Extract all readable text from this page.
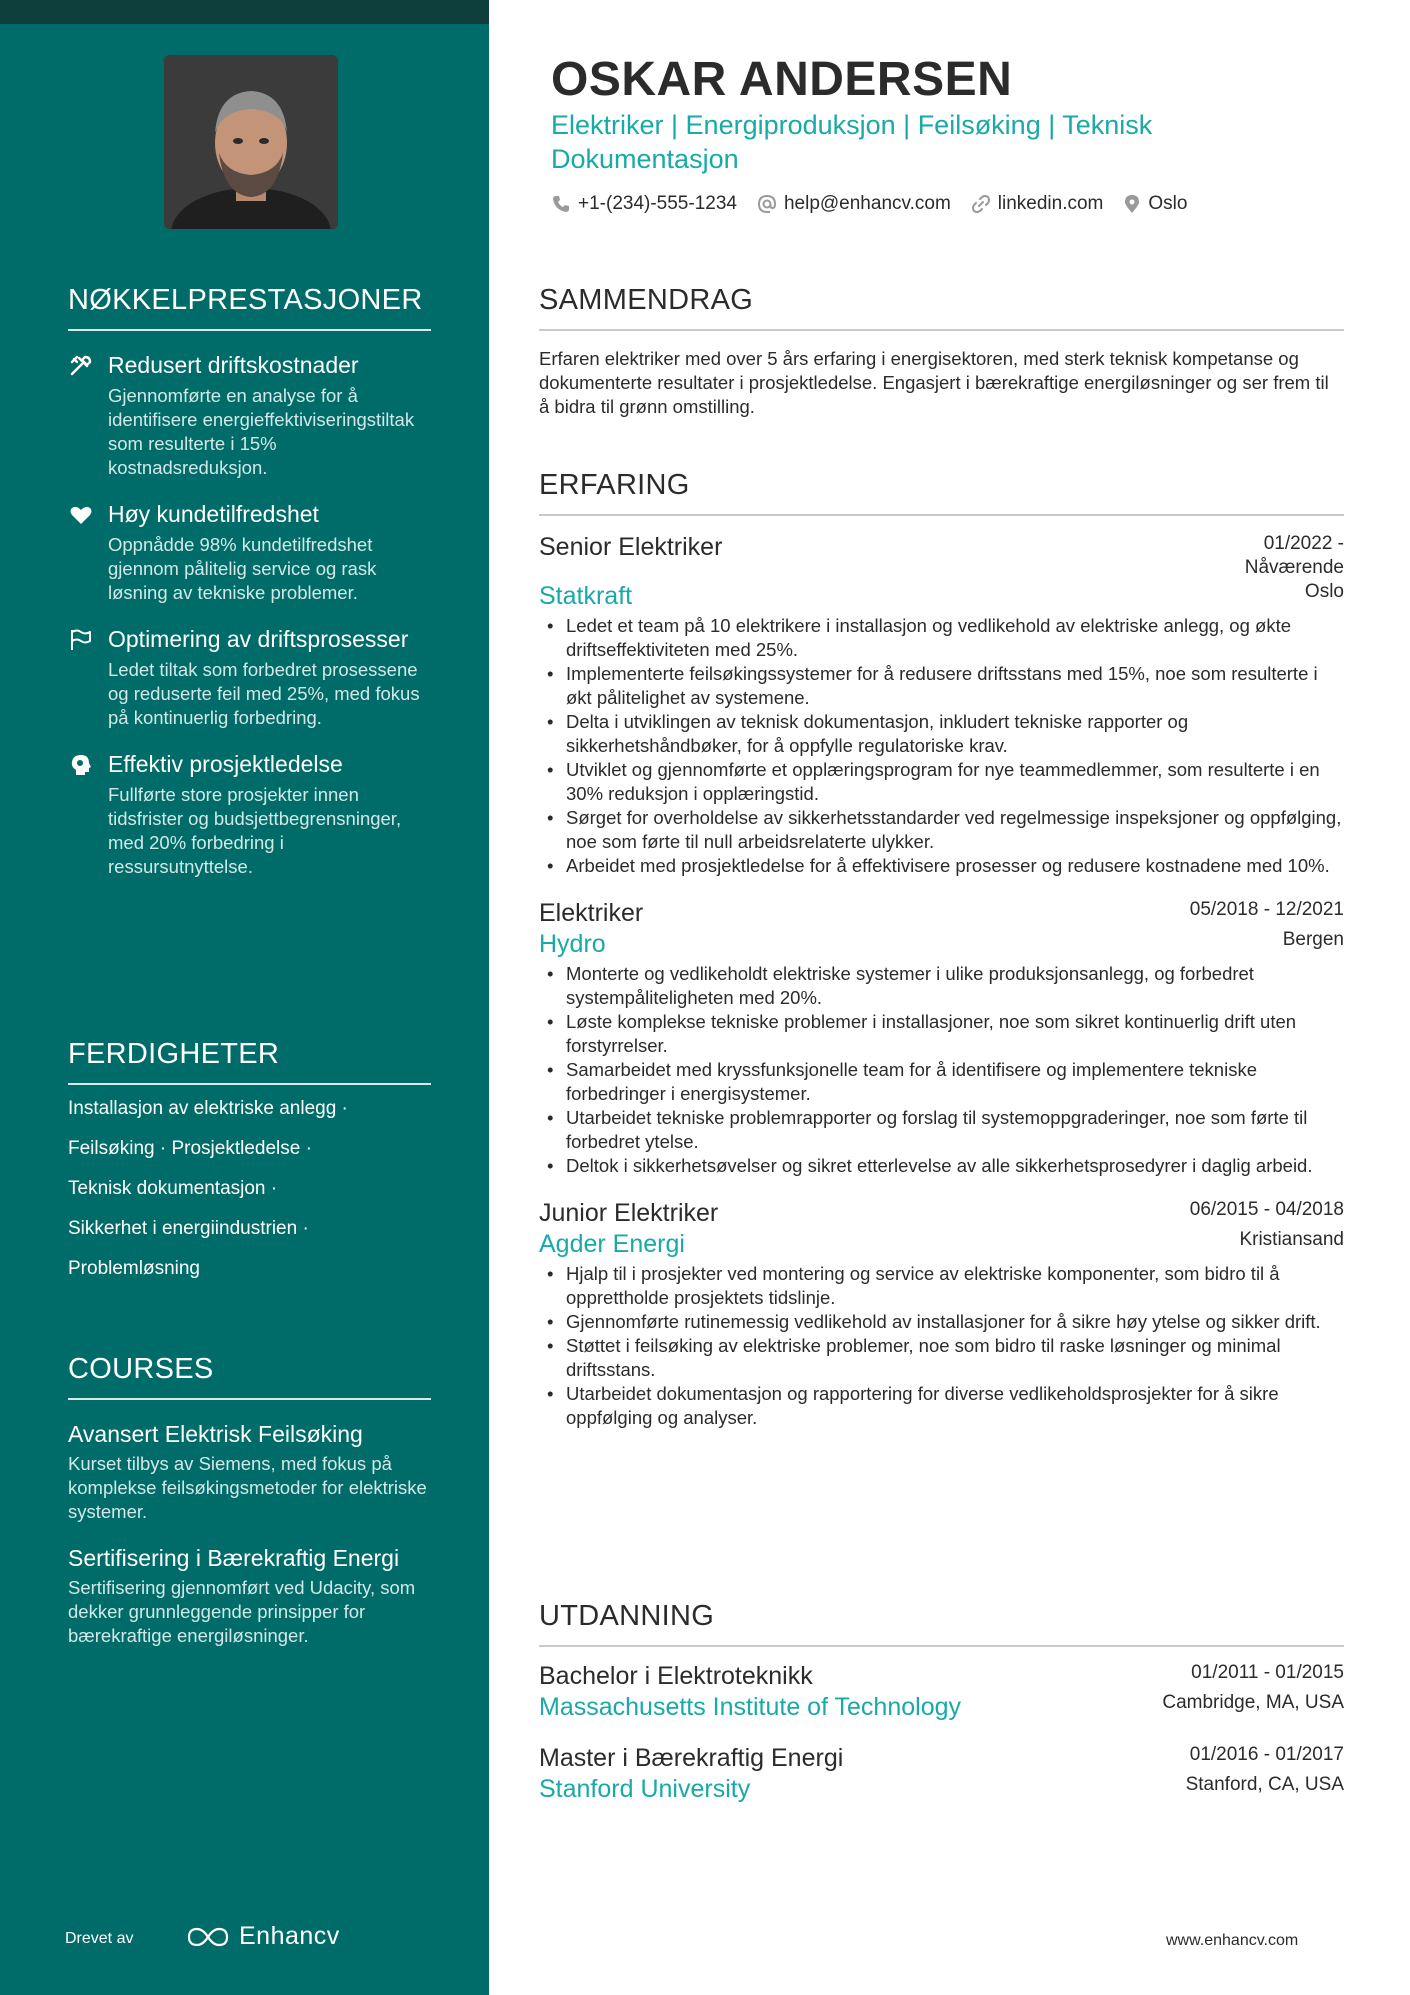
NØKKELPRESTASJONER
Redusert driftskostnader
Gjennomførte en analyse for å identifisere energieffektiviseringstiltak som resulterte i 15% kostnadsreduksjon.
Høy kundetilfredshet
Oppnådde 98% kundetilfredshet gjennom pålitelig service og rask løsning av tekniske problemer.
Optimering av driftsprosesser
Ledet tiltak som forbedret prosessene og reduserte feil med 25%, med fokus på kontinuerlig forbedring.
Effektiv prosjektledelse
Fullførte store prosjekter innen tidsfrister og budsjettbegrensninger, med 20% forbedring i ressursutnyttelse.
FERDIGHETER
Installasjon av elektriske anlegg ·
Feilsøking · Prosjektledelse ·
Teknisk dokumentasjon ·
Sikkerhet i energiindustrien ·
Problemløsning
COURSES
Avansert Elektrisk Feilsøking
Kurset tilbys av Siemens, med fokus på komplekse feilsøkingsmetoder for elektriske systemer.
Sertifisering i Bærekraftig Energi
Sertifisering gjennomført ved Udacity, som dekker grunnleggende prinsipper for bærekraftige energiløsninger.
Drevet av	Enhancv
OSKAR ANDERSEN
Elektriker | Energiproduksjon | Feilsøking | Teknisk Dokumentasjon
+1-(234)-555-1234 help@enhancv.com linkedin.com Oslo
SAMMENDRAG
Erfaren elektriker med over 5 års erfaring i energisektoren, med sterk teknisk kompetanse og dokumenterte resultater i prosjektledelse. Engasjert i bærekraftige energiløsninger og ser frem til å bidra til grønn omstilling.
ERFARING
Senior Elektriker	01/2022 - Nåværende
Statkraft	Oslo
• Ledet et team på 10 elektrikere i installasjon og vedlikehold av elektriske anlegg, og økte driftseffektiviteten med 25%.
• Implementerte feilsøkingssystemer for å redusere driftsstans med 15%, noe som resulterte i økt pålitelighet av systemene.
• Delta i utviklingen av teknisk dokumentasjon, inkludert tekniske rapporter og sikkerhetshåndbøker, for å oppfylle regulatoriske krav.
• Utviklet og gjennomførte et opplæringsprogram for nye teammedlemmer, som resulterte i en 30% reduksjon i opplæringstid.
• Sørget for overholdelse av sikkerhetsstandarder ved regelmessige inspeksjoner og oppfølging, noe som førte til null arbeidsrelaterte ulykker.
• Arbeidet med prosjektledelse for å effektivisere prosesser og redusere kostnadene med 10%.
Elektriker	05/2018 - 12/2021
Hydro	Bergen
• Monterte og vedlikeholdt elektriske systemer i ulike produksjonsanlegg, og forbedret systempåliteligheten med 20%.
• Løste komplekse tekniske problemer i installasjoner, noe som sikret kontinuerlig drift uten forstyrrelser.
• Samarbeidet med kryssfunksjonelle team for å identifisere og implementere tekniske forbedringer i energisystemer.
• Utarbeidet tekniske problemrapporter og forslag til systemoppgraderinger, noe som førte til forbedret ytelse.
• Deltok i sikkerhetsøvelser og sikret etterlevelse av alle sikkerhetsprosedyrer i daglig arbeid.
Junior Elektriker	06/2015 - 04/2018
Agder Energi	Kristiansand
• Hjalp til i prosjekter ved montering og service av elektriske komponenter, som bidro til å opprettholde prosjektets tidslinje.
• Gjennomførte rutinemessig vedlikehold av installasjoner for å sikre høy ytelse og sikker drift.
• Støttet i feilsøking av elektriske problemer, noe som bidro til raske løsninger og minimal driftsstans.
• Utarbeidet dokumentasjon og rapportering for diverse vedlikeholdsprosjekter for å sikre oppfølging og analyser.
UTDANNING
Bachelor i Elektroteknikk	01/2011 - 01/2015
Massachusetts Institute of Technology	Cambridge, MA, USA
Master i Bærekraftig Energi	01/2016 - 01/2017
Stanford University	Stanford, CA, USA
www.enhancv.com
